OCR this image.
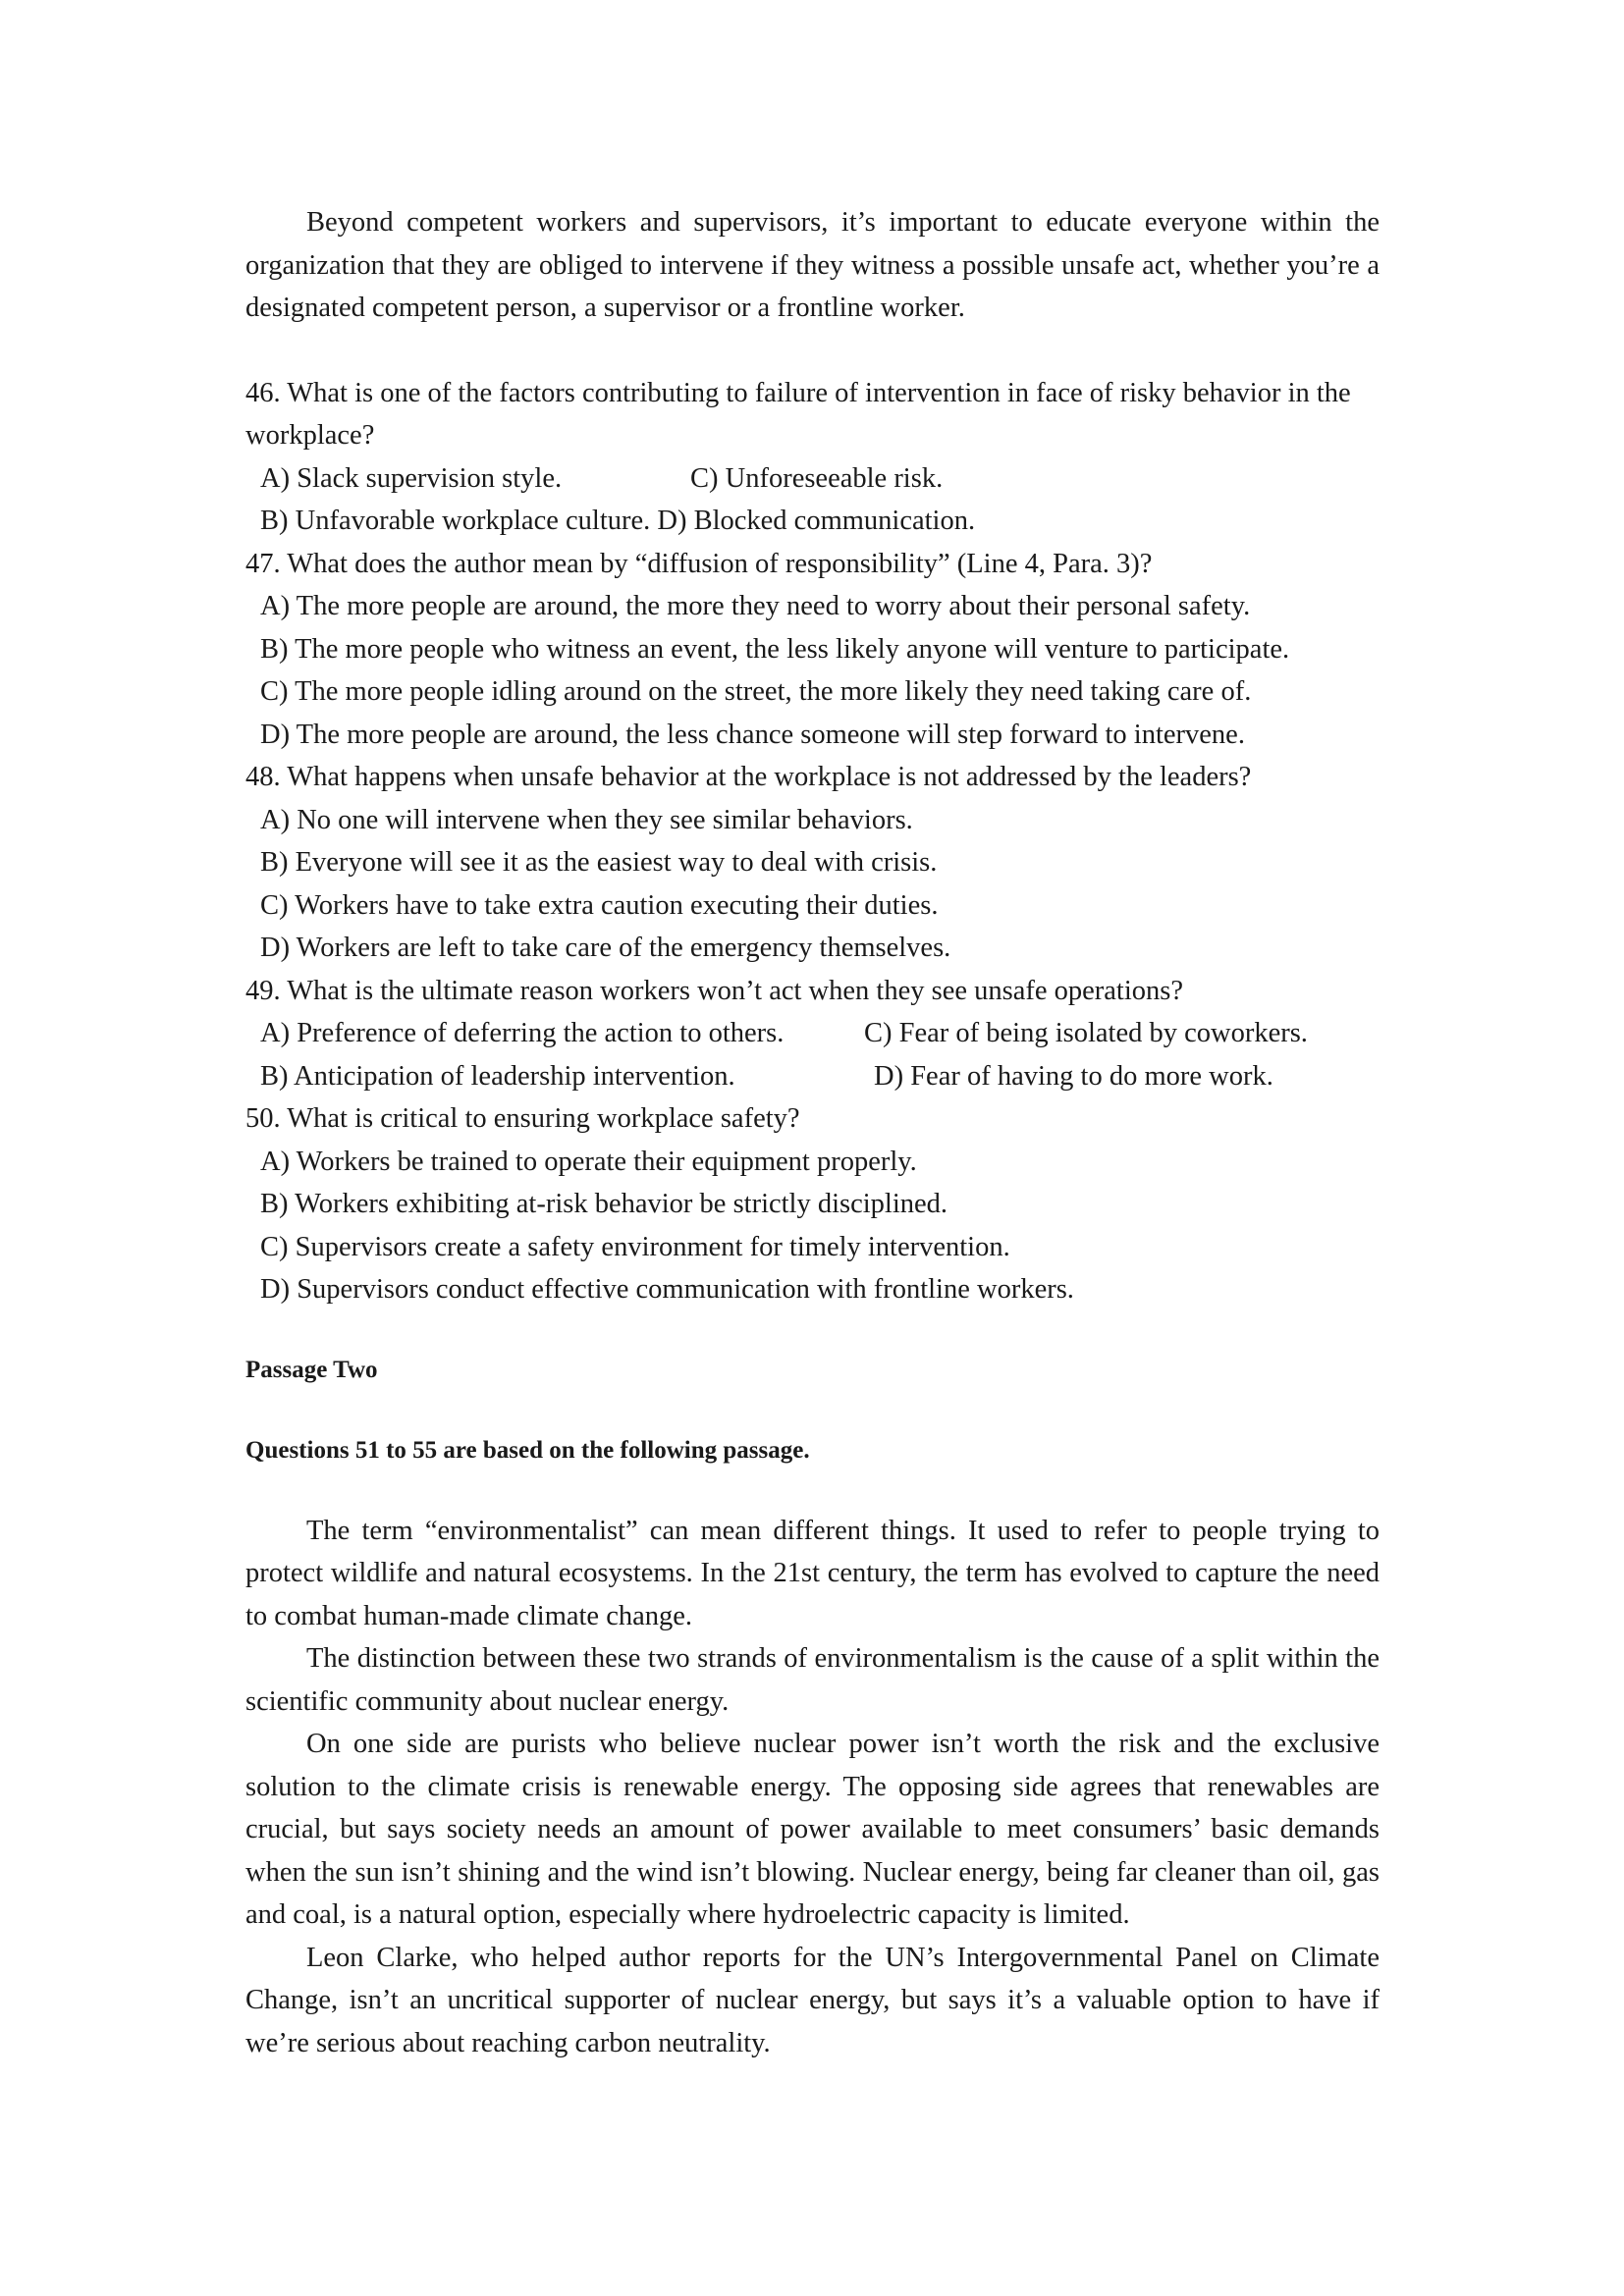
Beyond competent workers and supervisors, it’s important to educate everyone within the organization that they are obliged to intervene if they witness a possible unsafe act, whether you’re a designated competent person, a supervisor or a frontline worker.

46. What is one of the factors contributing to failure of intervention in face of risky behavior in the workplace?

A) Slack supervision style.	C) Unforeseeable risk.

B) Unfavorable workplace culture. D) Blocked communication.

47. What does the author mean by “diffusion of responsibility” (Line 4, Para. 3)?

A) The more people are around, the more they need to worry about their personal safety.

B) The more people who witness an event, the less likely anyone will venture to participate.

C) The more people idling around on the street, the more likely they need taking care of.

D) The more people are around, the less chance someone will step forward to intervene.

48. What happens when unsafe behavior at the workplace is not addressed by the leaders?

A) No one will intervene when they see similar behaviors.

B) Everyone will see it as the easiest way to deal with crisis.

C) Workers have to take extra caution executing their duties.

D) Workers are left to take care of the emergency themselves.

49. What is the ultimate reason workers won’t act when they see unsafe operations?

A) Preference of deferring the action to others.	C) Fear of being isolated by coworkers.
B) Anticipation of leadership intervention.	D) Fear of having to do more work.

50. What is critical to ensuring workplace safety?

A) Workers be trained to operate their equipment properly.

B) Workers exhibiting at-risk behavior be strictly disciplined.

C) Supervisors create a safety environment for timely intervention.

D) Supervisors conduct effective communication with frontline workers.

Passage Two

Questions 51 to 55 are based on the following passage.

The term “environmentalist” can mean different things. It used to refer to people trying to protect wildlife and natural ecosystems. In the 21st century, the term has evolved to capture the need to combat human-made climate change.

The distinction between these two strands of environmentalism is the cause of a split within the scientific community about nuclear energy.

On one side are purists who believe nuclear power isn’t worth the risk and the exclusive solution to the climate crisis is renewable energy. The opposing side agrees that renewables are crucial, but says society needs an amount of power available to meet consumers’ basic demands when the sun isn’t shining and the wind isn’t blowing. Nuclear energy, being far cleaner than oil, gas and coal, is a natural option, especially where hydroelectric capacity is limited.

Leon Clarke, who helped author reports for the UN’s Intergovernmental Panel on Climate Change, isn’t an uncritical supporter of nuclear energy, but says it’s a valuable option to have if we’re serious about reaching carbon neutrality.
